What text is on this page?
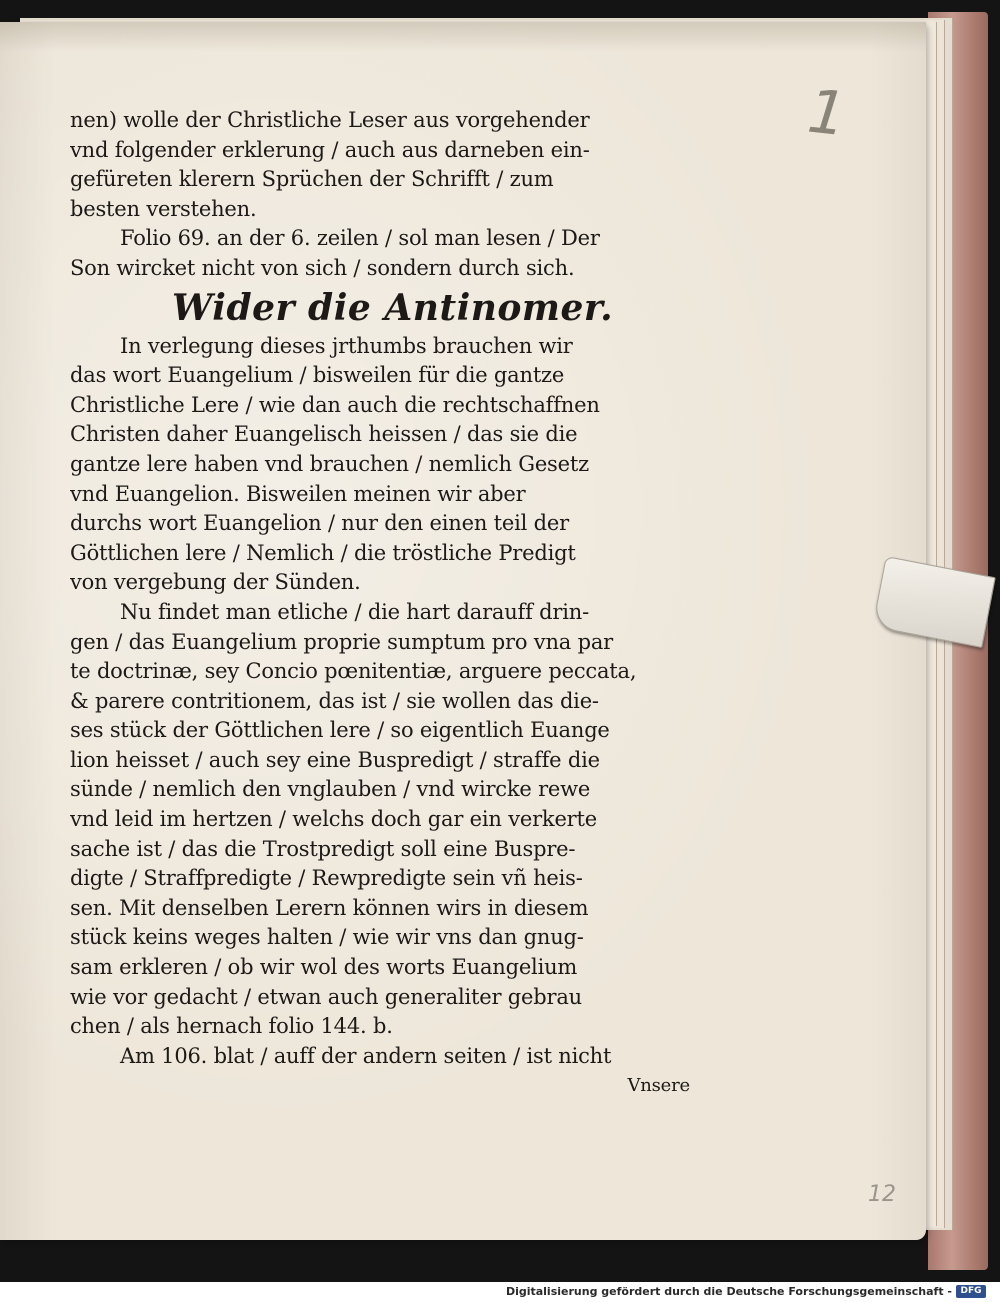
1
12
nen) wolle der Christliche Leser aus vorgehender
vnd folgender erklerung / auch aus darneben ein-
gefüreten klerern Sprüchen der Schrifft / zum
besten verstehen.
Folio 69. an der 6. zeilen / sol man lesen / Der
Son wircket nicht von sich / sondern durch sich.
Wider die Antinomer.
In verlegung dieses jrthumbs brauchen wir
das wort Euangelium / bisweilen für die gantze
Christliche Lere / wie dan auch die rechtschaffnen
Christen daher Euangelisch heissen / das sie die
gantze lere haben vnd brauchen / nemlich Gesetz
vnd Euangelion. Bisweilen meinen wir aber
durchs wort Euangelion / nur den einen teil der
Göttlichen lere / Nemlich / die tröstliche Predigt
von vergebung der Sünden.
Nu findet man etliche / die hart darauff drin-
gen / das Euangelium proprie sumptum pro vna par
te doctrinæ, sey Concio pœnitentiæ, arguere peccata,
& parere contritionem, das ist / sie wollen das die-
ses stück der Göttlichen lere / so eigentlich Euange
lion heisset / auch sey eine Buspredigt / straffe die
sünde / nemlich den vnglauben / vnd wircke rewe
vnd leid im hertzen / welchs doch gar ein verkerte
sache ist / das die Trostpredigt soll eine Buspre-
digte / Straffpredigte / Rewpredigte sein vñ heis-
sen. Mit denselben Lerern können wirs in diesem
stück keins weges halten / wie wir vns dan gnug-
sam erkleren / ob wir wol des worts Euangelium
wie vor gedacht / etwan auch generaliter gebrau
chen / als hernach folio 144. b.
Am 106. blat / auff der andern seiten / ist nicht
Vnsere
Digitalisierung gefördert durch die Deutsche Forschungsgemeinschaft - DFG
